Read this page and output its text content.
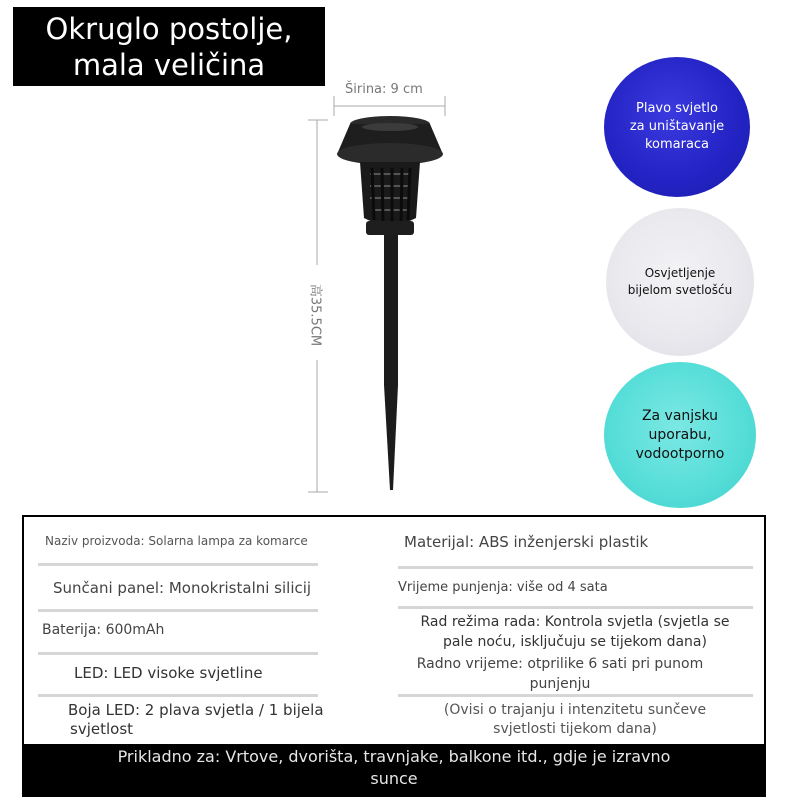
Okruglo postolje,
mala veličina
Širina: 9 cm
高35.5CM
Plavo svjetlo
za uništavanje
komaraca
Osvjetljenje
bijelom svetlošću
Za vanjsku
uporabu,
vodootporno
Naziv proizvoda: Solarna lampa za komarce
Sunčani panel: Monokristalni silicij
Baterija: 600mAh
LED: LED visoke svjetline
Boja LED: 2 plava svjetla / 1 bijela
svjetlost
Materijal: ABS inženjerski plastik
Vrijeme punjenja: više od 4 sata
Rad režima rada: Kontrola svjetla (svjetla se
pale noću, isključuju se tijekom dana)
Radno vrijeme: otprilike 6 sati pri punom
punjenju
(Ovisi o trajanju i intenzitetu sunčeve
svjetlosti tijekom dana)
Prikladno za: Vrtove, dvorišta, travnjake, balkone itd., gdje je izravno
sunce
